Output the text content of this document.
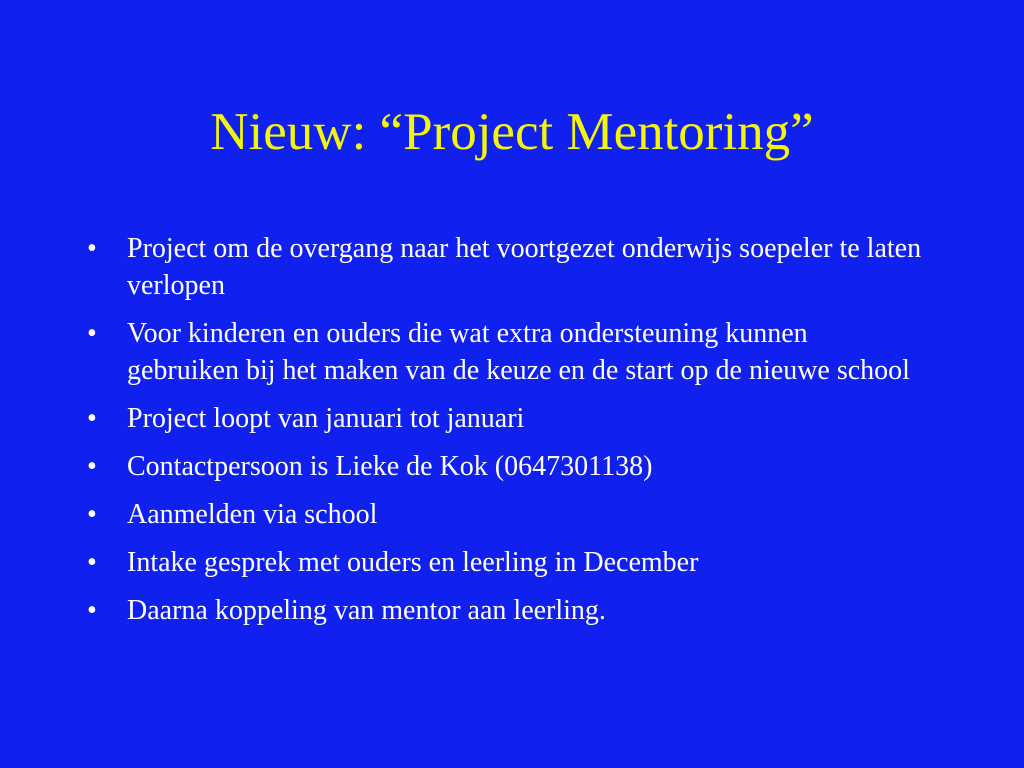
Nieuw: “Project Mentoring”
•	Project om de overgang naar het voortgezet onderwijs soepeler te laten verlopen
•	Voor kinderen en ouders die wat extra ondersteuning kunnen gebruiken bij het maken van de keuze en de start op de nieuwe school
•	Project loopt van januari tot januari
•	Contactpersoon is Lieke de Kok (0647301138)
•	Aanmelden via school
•	Intake gesprek met ouders en leerling in December
•	Daarna koppeling van mentor aan leerling.
